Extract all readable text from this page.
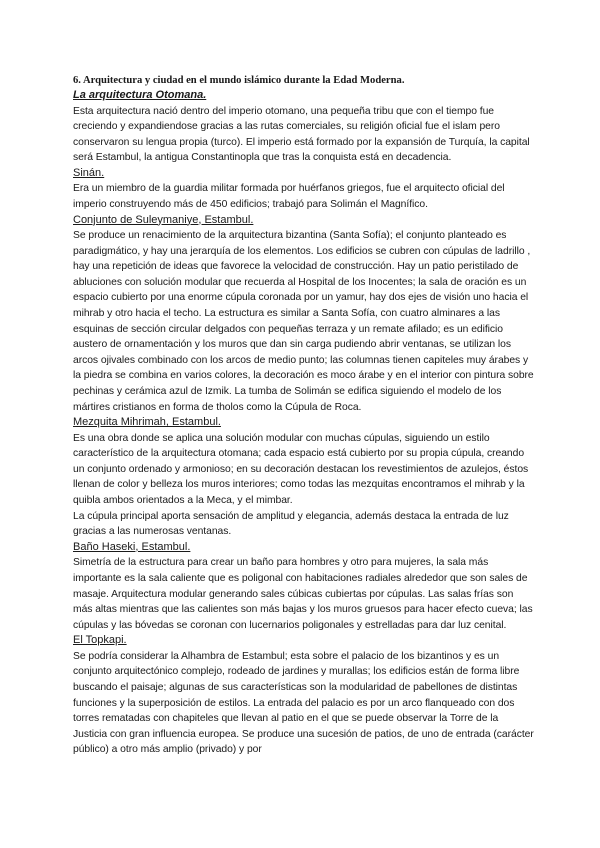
6. Arquitectura y ciudad en el mundo islámico durante la Edad Moderna.

La arquitectura Otomana.

Esta arquitectura nació dentro del imperio otomano, una pequeña tribu que con el tiempo fue creciendo y expandiendose gracias a las rutas comerciales, su religión oficial fue el islam pero conservaron su lengua propia (turco). El imperio está formado por la expansión de Turquía, la capital será Estambul, la antigua Constantinopla que tras la conquista está en decadencia.

Sinán.

Era un miembro de la guardia militar formada por huérfanos griegos, fue el arquitecto oficial del imperio construyendo más de 450 edificios; trabajó para Solimán el Magnífico.

Conjunto de Suleymaniye, Estambul.

Se produce un renacimiento de la arquitectura bizantina (Santa Sofía); el conjunto planteado es paradigmático, y hay una jerarquía de los elementos. Los edificios se cubren con cúpulas de ladrillo , hay una repetición de ideas que favorece la velocidad de construcción. Hay un patio peristilado de abluciones con solución modular que recuerda al Hospital de los Inocentes; la sala de oración es un espacio cubierto por una enorme cúpula coronada por un yamur, hay dos ejes de visión uno hacia el mihrab y otro hacia el techo. La estructura es similar a Santa Sofía, con cuatro alminares a las esquinas de sección circular delgados con pequeñas terraza y un remate afilado; es un edificio austero de ornamentación y los muros que dan sin carga pudiendo abrir ventanas, se utilizan los arcos ojivales combinado con los arcos de medio punto; las columnas tienen capiteles muy árabes y la piedra se combina en varios colores, la decoración es moco árabe y en el interior con pintura sobre pechinas y cerámica azul de Izmik. La tumba de Solimán se edifica siguiendo el modelo de los mártires cristianos en forma de tholos como la Cúpula de Roca.

Mezquita Mihrimah, Estambul.

Es una obra donde se aplica una solución modular con muchas cúpulas, siguiendo un estilo característico de la arquitectura otomana; cada espacio está cubierto por su propia cúpula, creando un conjunto ordenado y armonioso; en su decoración destacan los revestimientos de azulejos, éstos llenan de color y belleza los muros interiores; como todas las mezquitas encontramos el mihrab y la quibla ambos orientados a la Meca, y el mimbar.

La cúpula principal aporta sensación de amplitud y elegancia, además destaca la entrada de luz gracias a las numerosas ventanas.

Baño Haseki, Estambul.

Simetría de la estructura para crear un baño para hombres y otro para mujeres, la sala más importante es la sala caliente que es poligonal con habitaciones radiales alrededor que son sales de masaje. Arquitectura modular generando sales cúbicas cubiertas por cúpulas. Las salas frías son más altas mientras que las calientes son más bajas y los muros gruesos para hacer efecto cueva; las cúpulas y las bóvedas se coronan con lucernarios poligonales y estrelladas para dar luz cenital.

El Topkapi.

Se podría considerar la Alhambra de Estambul; esta sobre el palacio de los bizantinos y es un conjunto arquitectónico complejo, rodeado de jardines y murallas; los edificios están de forma libre buscando el paisaje; algunas de sus características son la modularidad de pabellones de distintas funciones y la superposición de estilos. La entrada del palacio es por un arco flanqueado con dos torres rematadas con chapiteles que llevan al patio en el que se puede observar la Torre de la Justicia con gran influencia europea. Se produce una sucesión de patios, de uno de entrada (carácter público) a otro más amplio (privado) y por
